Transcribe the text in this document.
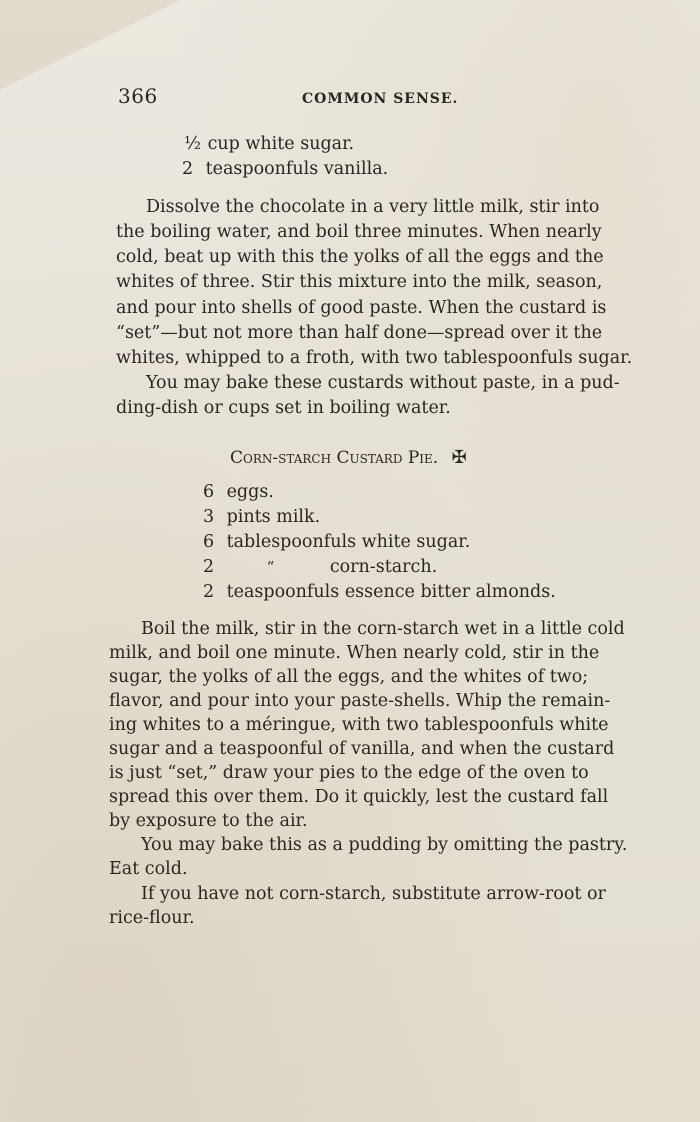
366	COMMON SENSE.
½ cup white sugar.
2 teaspoonfuls vanilla.
Dissolve the chocolate in a very little milk, stir into
the boiling water, and boil three minutes. When nearly
cold, beat up with this the yolks of all the eggs and the
whites of three. Stir this mixture into the milk, season,
and pour into shells of good paste. When the custard is
“set”—but not more than half done—spread over it the
whites, whipped to a froth, with two tablespoonfuls sugar.
You may bake these custards without paste, in a pud-
ding-dish or cups set in boiling water.
Corn-starch Custard Pie. ✠
6 eggs.
3 pints milk.
6 tablespoonfuls white sugar.
2	“	corn-starch.
2 teaspoonfuls essence bitter almonds.
Boil the milk, stir in the corn-starch wet in a little cold
milk, and boil one minute. When nearly cold, stir in the
sugar, the yolks of all the eggs, and the whites of two;
flavor, and pour into your paste-shells. Whip the remain-
ing whites to a méringue, with two tablespoonfuls white
sugar and a teaspoonful of vanilla, and when the custard
is just “set,” draw your pies to the edge of the oven to
spread this over them. Do it quickly, lest the custard fall
by exposure to the air.
You may bake this as a pudding by omitting the pastry.
Eat cold.
If you have not corn-starch, substitute arrow-root or
rice-flour.
